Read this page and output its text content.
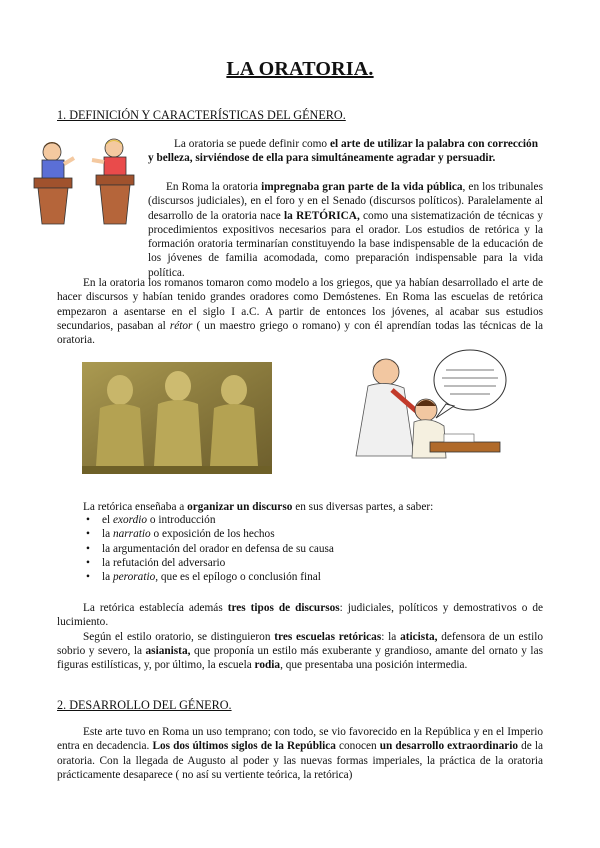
LA ORATORIA.
1. DEFINICIÓN Y CARACTERÍSTICAS DEL GÉNERO.

La oratoria se puede definir como el arte de utilizar la palabra con corrección y belleza, sirviéndose de ella para simultáneamente agradar y persuadir.

En Roma la oratoria impregnaba gran parte de la vida pública, en los tribunales (discursos judiciales), en el foro y en el Senado (discursos políticos). Paralelamente al desarrollo de la oratoria nace la RETÓRICA, como una sistematización de técnicas y procedimientos expositivos necesarios para el orador. Los estudios de retórica y la formación oratoria terminarían constituyendo la base indispensable de la educación de los jóvenes de familia acomodada, como preparación indispensable para la vida política.

En la oratoria los romanos tomaron como modelo a los griegos, que ya habían desarrollado el arte de hacer discursos y habían tenido grandes oradores como Demóstenes. En Roma las escuelas de retórica empezaron a asentarse en el siglo I a.C. A partir de entonces los jóvenes, al acabar sus estudios secundarios, pasaban al rétor ( un maestro griego o romano) y con él aprendían todas las técnicas de la oratoria.

La retórica enseñaba a organizar un discurso en sus diversas partes, a saber:

• el exordio o introducción
• la narratio o exposición de los hechos
• la argumentación del orador en defensa de su causa
• la refutación del adversario
• la peroratio, que es el epílogo o conclusión final

La retórica establecía además tres tipos de discursos: judiciales, políticos y demostrativos o de lucimiento.

Según el estilo oratorio, se distinguieron tres escuelas retóricas: la aticista, defensora de un estilo sobrio y severo, la asianista, que proponía un estilo más exuberante y grandioso, amante del ornato y las figuras estilísticas, y, por último, la escuela rodia, que presentaba una posición intermedia.

2. DESARROLLO DEL GÉNERO.

Este arte tuvo en Roma un uso temprano; con todo, se vio favorecido en la República y en el Imperio entra en decadencia. Los dos últimos siglos de la República conocen un desarrollo extraordinario de la oratoria. Con la llegada de Augusto al poder y las nuevas formas imperiales, la práctica de la oratoria prácticamente desaparece ( no así su vertiente teórica, la retórica)
